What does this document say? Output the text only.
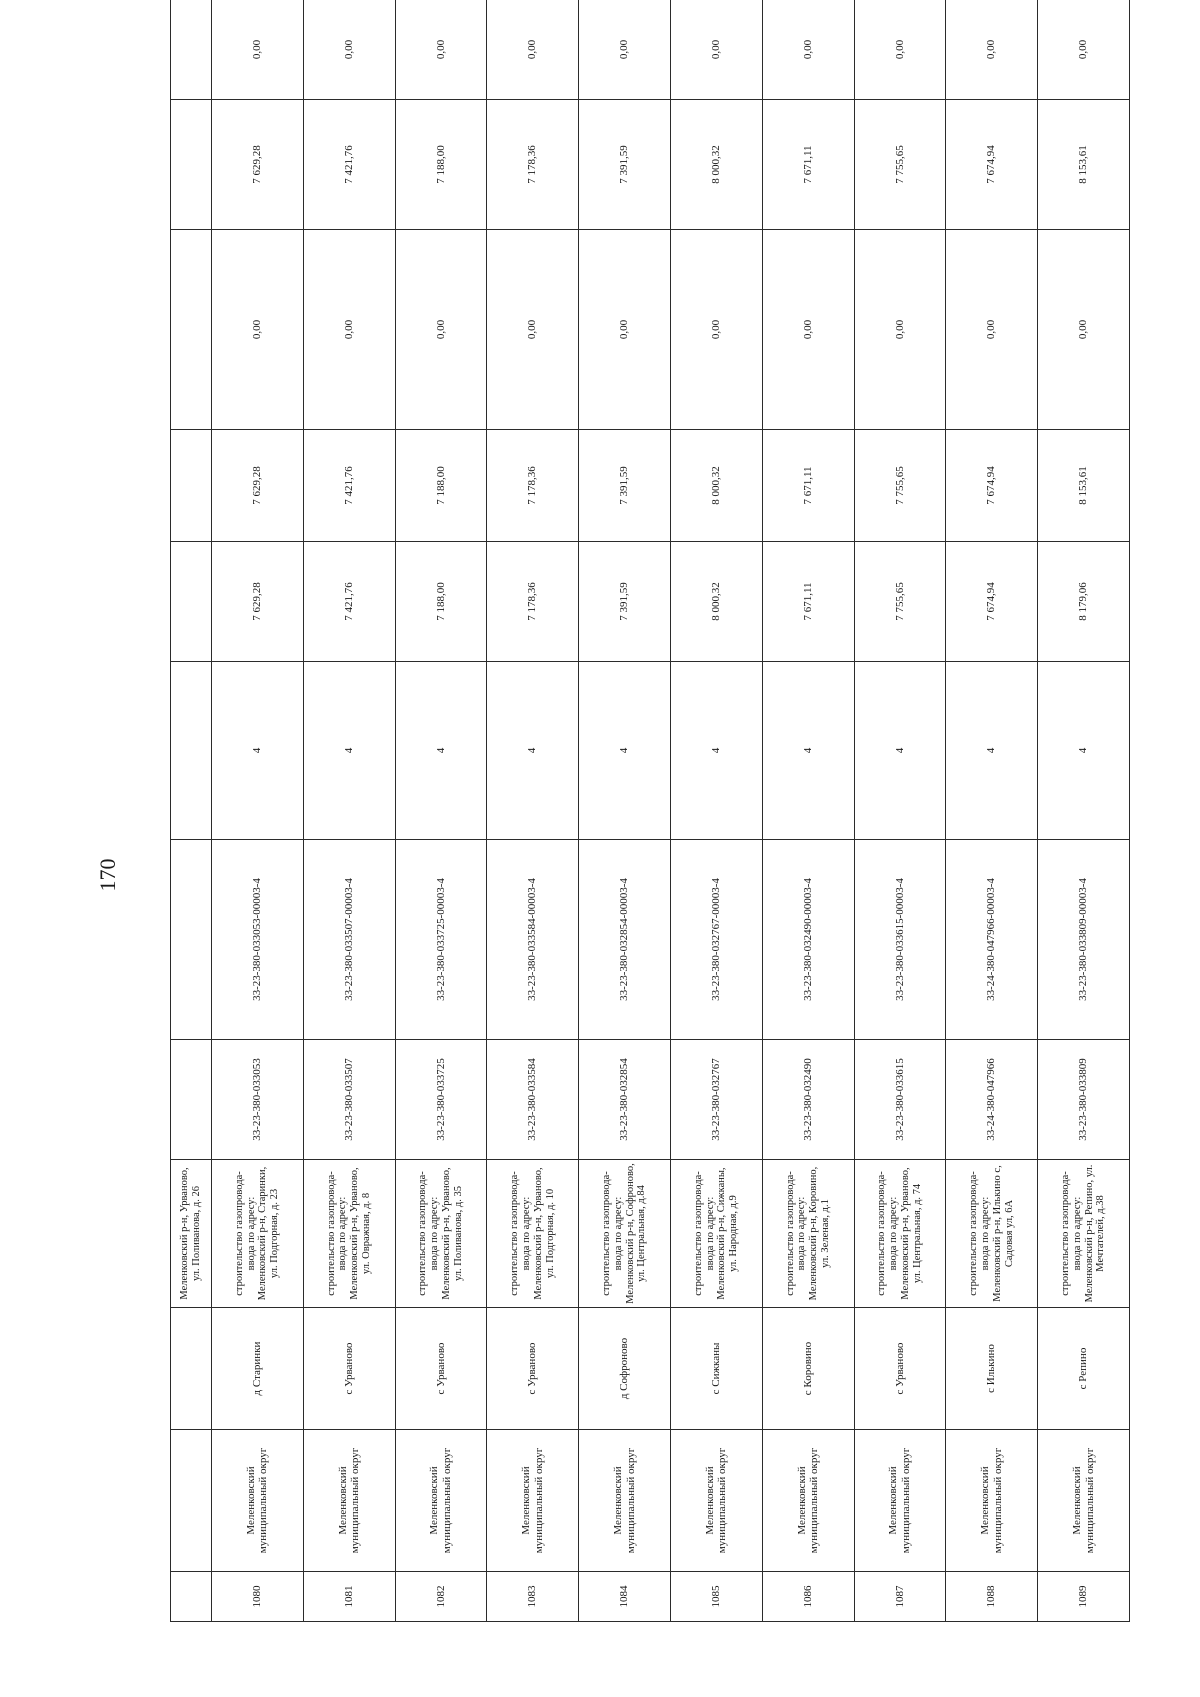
170
			Меленковский р-н, Урваново, ул. Поливанова, д. 26									
1080	Меленковский муниципальный округ	д Старинки	строительство газопровода-ввода по адресу: Меленковский р-н, Старинки, ул. Подгорная, д. 23	33-23-380-033053	33-23-380-033053-00003-4	4	7 629,28	7 629,28	0,00	7 629,28	0,00	
1081	Меленковский муниципальный округ	с Урваново	строительство газопровода-ввода по адресу: Меленковский р-н, Урваново, ул. Овражная, д. 8	33-23-380-033507	33-23-380-033507-00003-4	4	7 421,76	7 421,76	0,00	7 421,76	0,00	
1082	Меленковский муниципальный округ	с Урваново	строительство газопровода-ввода по адресу: Меленковский р-н, Урваново, ул. Поливанова, д. 35	33-23-380-033725	33-23-380-033725-00003-4	4	7 188,00	7 188,00	0,00	7 188,00	0,00	
1083	Меленковский муниципальный округ	с Урваново	строительство газопровода-ввода по адресу: Меленковский р-н, Урваново, ул. Подгорная, д. 10	33-23-380-033584	33-23-380-033584-00003-4	4	7 178,36	7 178,36	0,00	7 178,36	0,00	
1084	Меленковский муниципальный округ	д Софроново	строительство газопровода-ввода по адресу: Меленковский р-н, Софроново, ул. Центральная, д.84	33-23-380-032854	33-23-380-032854-00003-4	4	7 391,59	7 391,59	0,00	7 391,59	0,00	
1085	Меленковский муниципальный округ	с Сижканы	строительство газопровода-ввода по адресу: Меленковский р-н, Сижканы, ул. Народная, д.9	33-23-380-032767	33-23-380-032767-00003-4	4	8 000,32	8 000,32	0,00	8 000,32	0,00	
1086	Меленковский муниципальный округ	с Коровино	строительство газопровода-ввода по адресу: Меленковский р-н, Коровино, ул. Зеленая, д.1	33-23-380-032490	33-23-380-032490-00003-4	4	7 671,11	7 671,11	0,00	7 671,11	0,00	
1087	Меленковский муниципальный округ	с Урваново	строительство газопровода-ввода по адресу: Меленковский р-н, Урваново, ул. Центральная, д. 74	33-23-380-033615	33-23-380-033615-00003-4	4	7 755,65	7 755,65	0,00	7 755,65	0,00	
1088	Меленковский муниципальный округ	с Илькино	строительство газопровода-ввода по адресу: Меленковский р-н, Илькино с, Садовая ул, 6А	33-24-380-047966	33-24-380-047966-00003-4	4	7 674,94	7 674,94	0,00	7 674,94	0,00	
1089	Меленковский муниципальный округ	с Репино	строительство газопровода-ввода по адресу: Меленковский р-н, Репино, ул. Мечтателей, д.38	33-23-380-033809	33-23-380-033809-00003-4	4	8 179,06	8 153,61	0,00	8 153,61	0,00	
